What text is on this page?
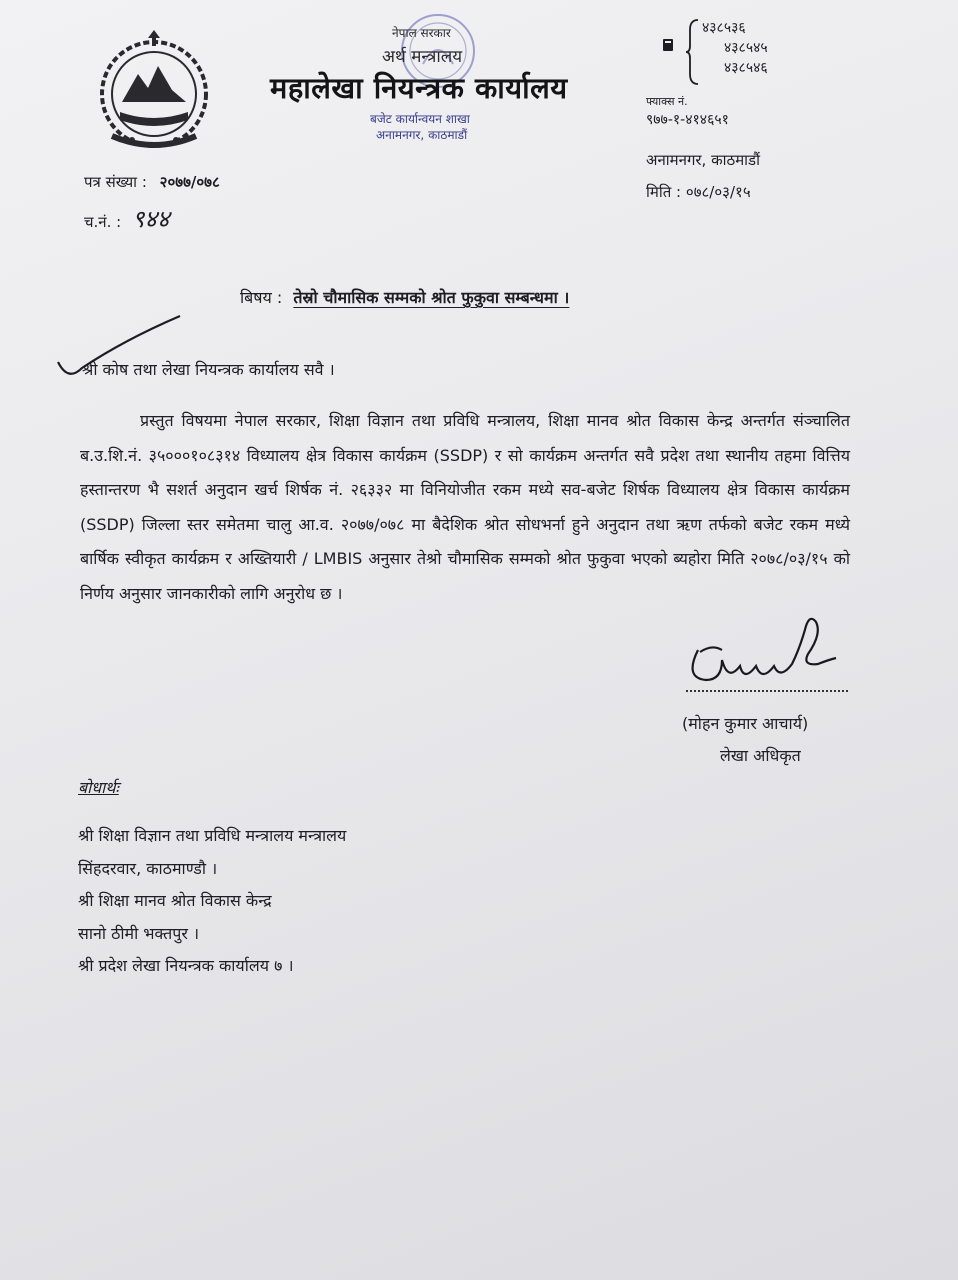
नेपाल सरकार
अर्थ मन्त्रालय
महालेखा नियन्त्रक कार्यालय
बजेट कार्यान्वयन शाखा
अनामनगर, काठमाडौं
४३८५३६
४३८५४५
४३८५४६
फ्याक्स नं.
९७७-१-४१४६५१
अनामनगर, काठमाडौं
मिति : ०७८/०३/१५
पत्र संख्या : २०७७/०७८
च.नं. : ९४४
बिषय : तेस्रो चौमासिक सम्मको श्रोत फुकुवा सम्बन्धमा ।
श्री कोष तथा लेखा नियन्त्रक कार्यालय सवै ।
प्रस्तुत विषयमा नेपाल सरकार, शिक्षा विज्ञान तथा प्रविधि मन्त्रालय, शिक्षा मानव श्रोत विकास केन्द्र अन्तर्गत संञ्चालित ब.उ.शि.नं. ३५०००१०८३१४ विध्यालय क्षेत्र विकास कार्यक्रम (SSDP) र सो कार्यक्रम अन्तर्गत सवै प्रदेश तथा स्थानीय तहमा वित्तिय हस्तान्तरण भै सशर्त अनुदान खर्च शिर्षक नं. २६३३२ मा विनियोजीत रकम मध्ये सव-बजेट शिर्षक विध्यालय क्षेत्र विकास कार्यक्रम (SSDP) जिल्ला स्तर समेतमा चालु आ.व. २०७७/०७८ मा बैदेशिक श्रोत सोधभर्ना हुने अनुदान तथा ऋण तर्फको बजेट रकम मध्ये बार्षिक स्वीकृत कार्यक्रम र अख्तियारी / LMBIS अनुसार तेश्रो चौमासिक सम्मको श्रोत फुकुवा भएको ब्यहोरा मिति २०७८/०३/१५ को निर्णय अनुसार जानकारीको लागि अनुरोध छ ।
(मोहन कुमार आचार्य)
लेखा अधिकृत
बोधार्थः
श्री शिक्षा विज्ञान तथा प्रविधि मन्त्रालय मन्त्रालय
सिंहदरवार, काठमाण्डौ ।
श्री शिक्षा मानव श्रोत विकास केन्द्र
सानो ठीमी भक्तपुर ।
श्री प्रदेश लेखा नियन्त्रक कार्यालय ७ ।
